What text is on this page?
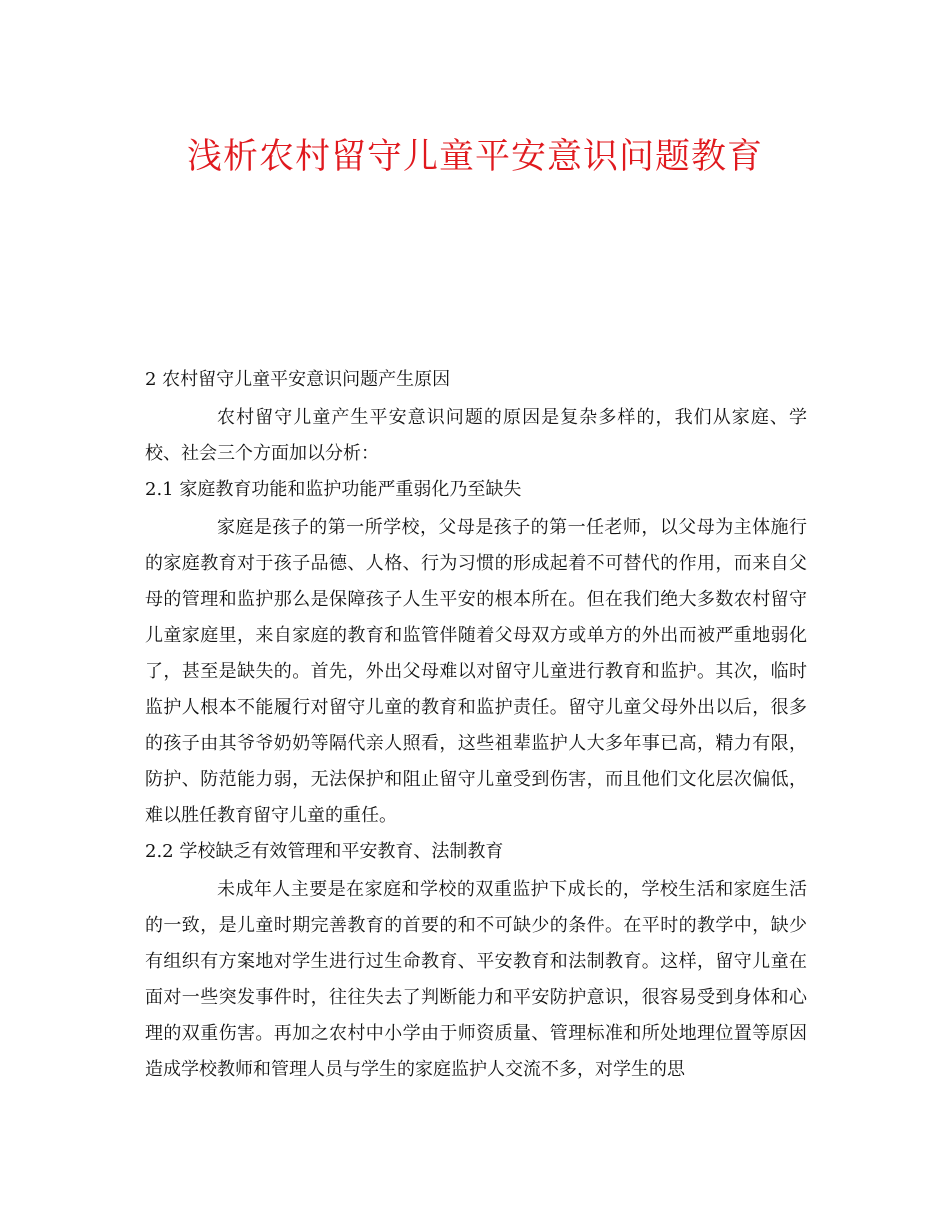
浅析农村留守儿童平安意识问题教育

2 农村留守儿童平安意识问题产生原因

农村留守儿童产生平安意识问题的原因是复杂多样的，我们从家庭、学校、社会三个方面加以分析：

2.1 家庭教育功能和监护功能严重弱化乃至缺失

家庭是孩子的第一所学校，父母是孩子的第一任老师，以父母为主体施行的家庭教育对于孩子品德、人格、行为习惯的形成起着不可替代的作用，而来自父母的管理和监护那么是保障孩子人生平安的根本所在。但在我们绝大多数农村留守儿童家庭里，来自家庭的教育和监管伴随着父母双方或单方的外出而被严重地弱化了，甚至是缺失的。首先，外出父母难以对留守儿童进行教育和监护。其次，临时监护人根本不能履行对留守儿童的教育和监护责任。留守儿童父母外出以后，很多的孩子由其爷爷奶奶等隔代亲人照看，这些祖辈监护人大多年事已高，精力有限，防护、防范能力弱，无法保护和阻止留守儿童受到伤害，而且他们文化层次偏低，难以胜任教育留守儿童的重任。

2.2 学校缺乏有效管理和平安教育、法制教育

未成年人主要是在家庭和学校的双重监护下成长的，学校生活和家庭生活的一致，是儿童时期完善教育的首要的和不可缺少的条件。在平时的教学中，缺少有组织有方案地对学生进行过生命教育、平安教育和法制教育。这样，留守儿童在面对一些突发事件时，往往失去了判断能力和平安防护意识，很容易受到身体和心理的双重伤害。再加之农村中小学由于师资质量、管理标准和所处地理位置等原因造成学校教师和管理人员与学生的家庭监护人交流不多，对学生的思
